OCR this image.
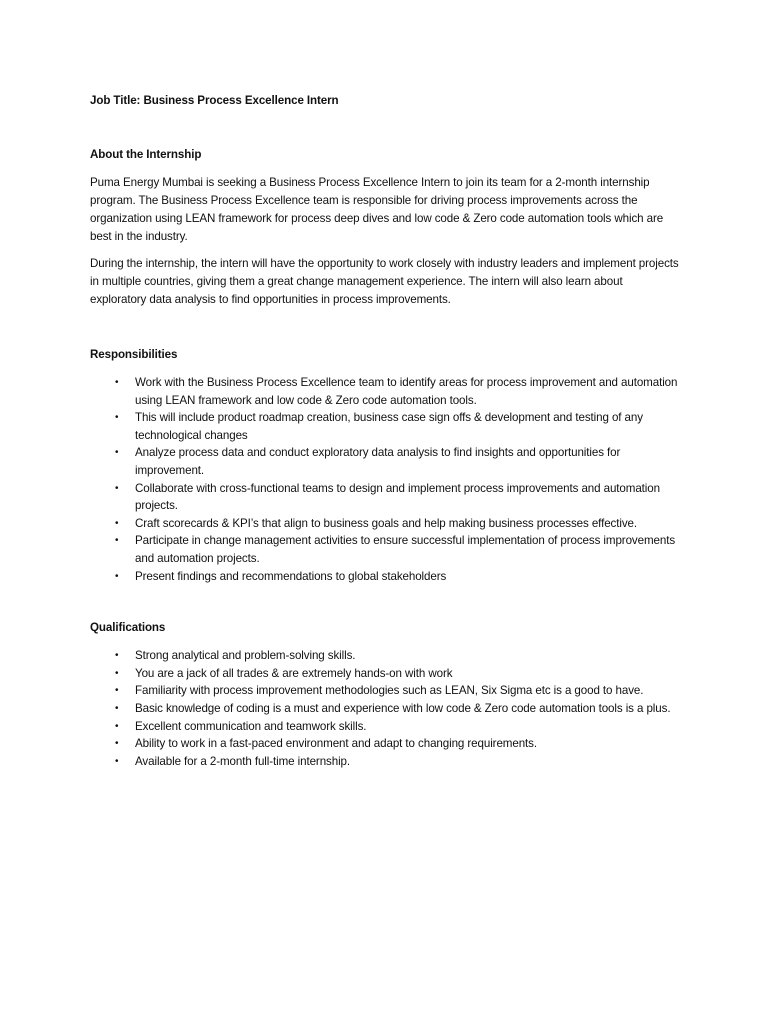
Job Title: Business Process Excellence Intern

About the Internship

Puma Energy Mumbai is seeking a Business Process Excellence Intern to join its team for a 2-month internship program. The Business Process Excellence team is responsible for driving process improvements across the organization using LEAN framework for process deep dives and low code & Zero code automation tools which are best in the industry.

During the internship, the intern will have the opportunity to work closely with industry leaders and implement projects in multiple countries, giving them a great change management experience. The intern will also learn about exploratory data analysis to find opportunities in process improvements.

Responsibilities

• Work with the Business Process Excellence team to identify areas for process improvement and automation using LEAN framework and low code & Zero code automation tools.
• This will include product roadmap creation, business case sign offs & development and testing of any technological changes
• Analyze process data and conduct exploratory data analysis to find insights and opportunities for improvement.
• Collaborate with cross-functional teams to design and implement process improvements and automation projects.
• Craft scorecards & KPI’s that align to business goals and help making business processes effective.
• Participate in change management activities to ensure successful implementation of process improvements and automation projects.
• Present findings and recommendations to global stakeholders

Qualifications

• Strong analytical and problem-solving skills.
• You are a jack of all trades & are extremely hands-on with work
• Familiarity with process improvement methodologies such as LEAN, Six Sigma etc is a good to have.
• Basic knowledge of coding is a must and experience with low code & Zero code automation tools is a plus.
• Excellent communication and teamwork skills.
• Ability to work in a fast-paced environment and adapt to changing requirements.
• Available for a 2-month full-time internship.
